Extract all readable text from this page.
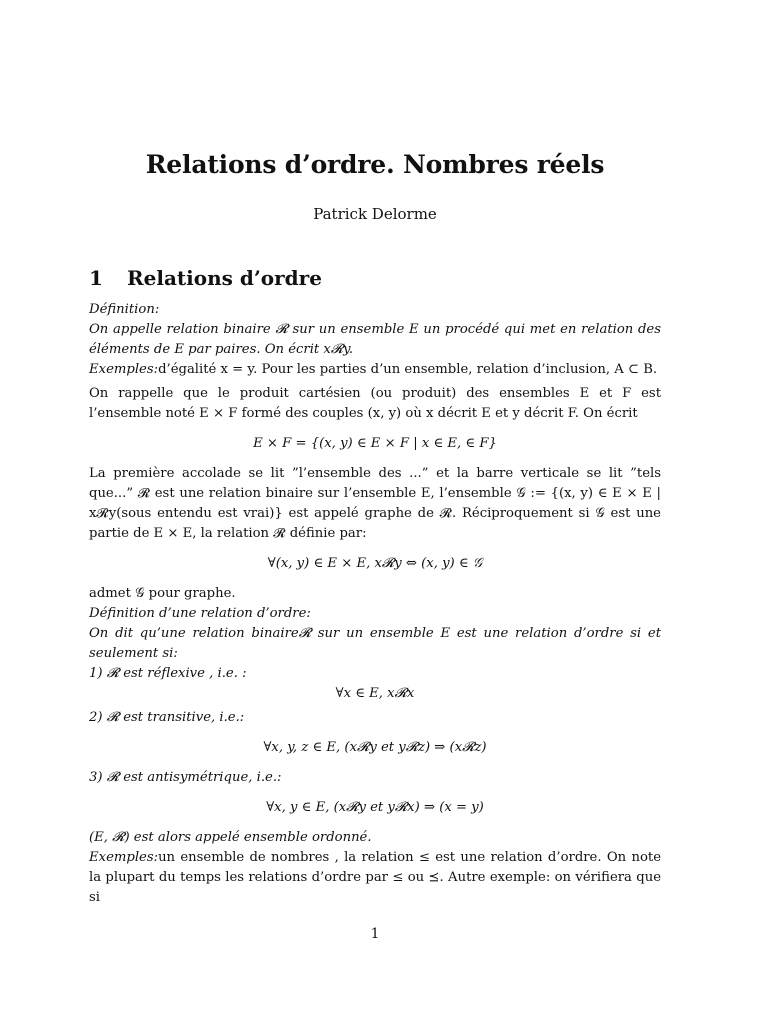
Relations d’ordre. Nombres réels
Patrick Delorme
1 Relations d’ordre

Définition:

On appelle relation binaire 𝓡 sur un ensemble E un procédé qui met en relation des éléments de E par paires. On écrit x𝓡y.

Exemples:d’égalité x = y. Pour les parties d’un ensemble, relation d’inclusion, A ⊂ B.

On rappelle que le produit cartésien (ou produit) des ensembles E et F est l’ensemble noté E × F formé des couples (x, y) où x décrit E et y décrit F. On écrit

E × F = {(x, y) ∈ E × F | x ∈ E, ∈ F}

La première accolade se lit ”l’ensemble des ...” et la barre verticale se lit ”tels que...” 𝓡 est une relation binaire sur l’ensemble E, l’ensemble 𝒢 := {(x, y) ∈ E × E | x𝓡y(sous entendu est vrai)} est appelé graphe de 𝓡. Réciproquement si 𝒢 est une partie de E × E, la relation 𝓡 définie par:

∀(x, y) ∈ E × E, x𝓡y ⇔ (x, y) ∈ 𝒢

admet 𝒢 pour graphe.

Définition d’une relation d’ordre:

On dit qu’une relation binaire𝓡 sur un ensemble E est une relation d’ordre si et seulement si:

1) 𝓡 est réflexive , i.e. :

∀x ∈ E, x𝓡x

2) 𝓡 est transitive, i.e.:

∀x, y, z ∈ E, (x𝓡y et y𝓡z) ⇒ (x𝓡z)

3) 𝓡 est antisymétrique, i.e.:

∀x, y ∈ E, (x𝓡y et y𝓡x) ⇒ (x = y)

(E, 𝓡) est alors appelé ensemble ordonné.

Exemples:un ensemble de nombres , la relation ≤ est une relation d’ordre. On note la plupart du temps les relations d’ordre par ≤ ou ⪯. Autre exemple: on vérifiera que si

1
